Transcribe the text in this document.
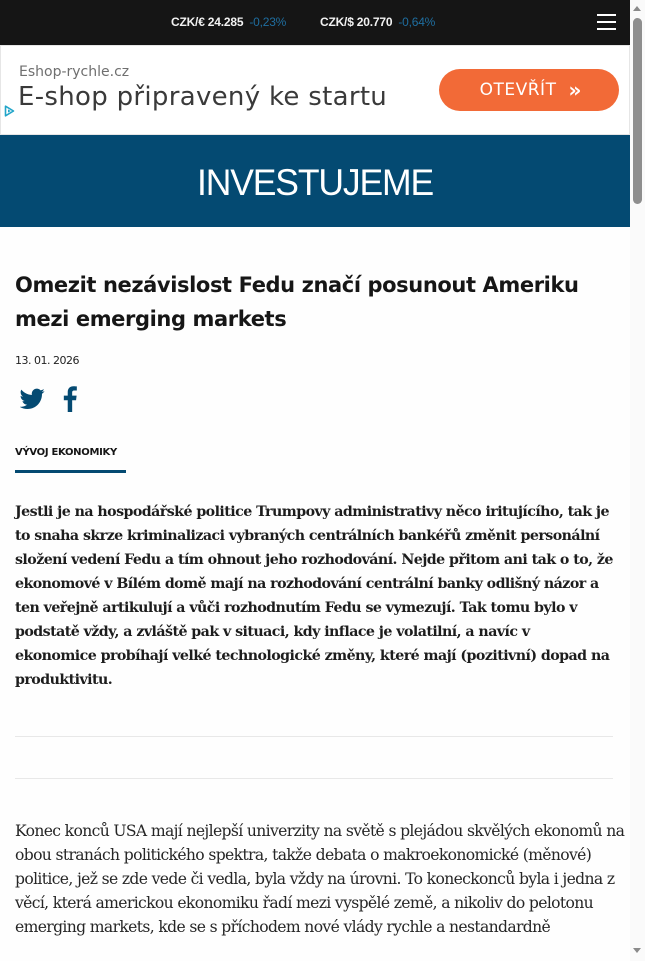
CZK/€ 24.285 -0,23%	CZK/$ 20.770 -0,64%
Eshop-rychle.cz
E-shop připravený ke startu	OTEVŘÍT »
INVESTUJEME
Omezit nezávislost Fedu značí posunout Ameriku mezi emerging markets
13. 01. 2026
VÝVOJ EKONOMIKY

Jestli je na hospodářské politice Trumpovy administrativy něco iritujícího, tak je to snaha skrze kriminalizaci vybraných centrálních bankéřů změnit personální složení vedení Fedu a tím ohnout jeho rozhodování. Nejde přitom ani tak o to, že ekonomové v Bílém domě mají na rozhodování centrální banky odlišný názor a ten veřejně artikulují a vůči rozhodnutím Fedu se vymezují. Tak tomu bylo v podstatě vždy, a zvláště pak v situaci, kdy inflace je volatilní, a navíc v ekonomice probíhají velké technologické změny, které mají (pozitivní) dopad na produktivitu.

Konec konců USA mají nejlepší univerzity na světě s plejádou skvělých ekonomů na obou stranách politického spektra, takže debata o makroekonomické (měnové) politice, jež se zde vede či vedla, byla vždy na úrovni. To koneckonců byla i jedna z věcí, která americkou ekonomiku řadí mezi vyspělé země, a nikoliv do pelotonu emerging markets, kde se s příchodem nové vlády rychle a nestandardně
